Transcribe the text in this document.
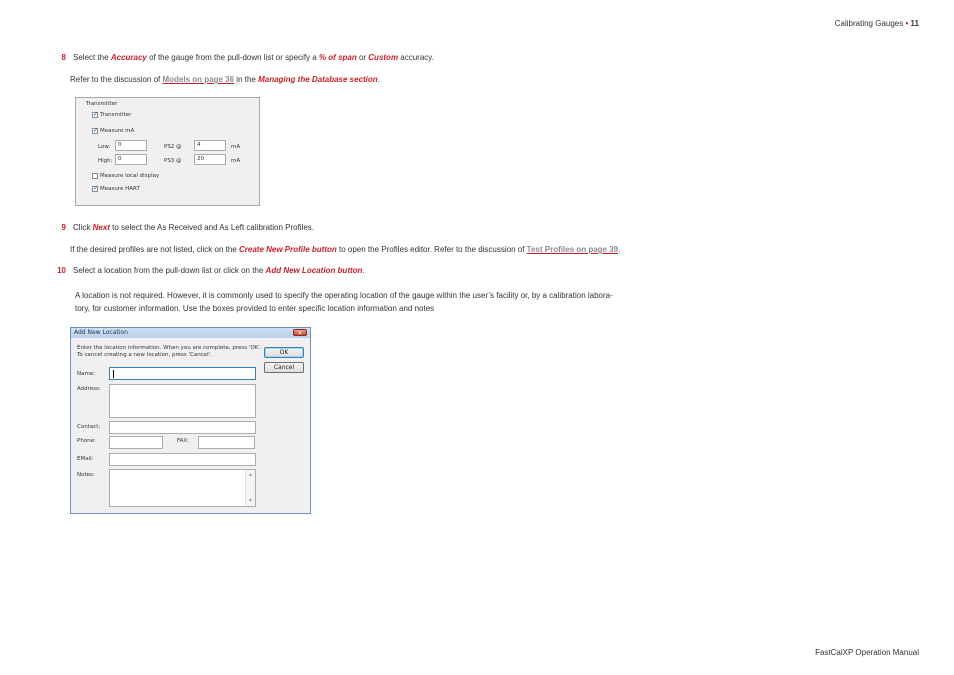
Calibrating Gauges • 11
8 Select the Accuracy of the gauge from the pull-down list or specify a % of span or Custom accuracy.
Refer to the discussion of Models on page 36 in the Managing the Database section.
Transmitter
✓
Transmitter
✓
Measure mA
Low:	0	PS2 @	4	mA
High:	0	PS3 @	20	mA
Measure local display
✓
Measure HART
9 Click Next to select the As Received and As Left calibration Profiles.
If the desired profiles are not listed, click on the Create New Profile button to open the Profiles editor. Refer to the discussion of Test Profiles on page 39.
10 Select a location from the pull-down list or click on the Add New Location button.
A location is not required. However, it is commonly used to specify the operating location of the gauge within the user’s facility or, by a calibration labora-
tory, for customer information. Use the boxes provided to enter specific location information and notes
Add New Location	✕
Enter the location information. When you are complete, press 'OK'.
To cancel creating a new location, press 'Cancel'.	OK
Cancel
Name:
Address:
Contact:
Phone:	FAX:
EMail:
Notes:	▲
▼
FastCalXP Operation Manual
